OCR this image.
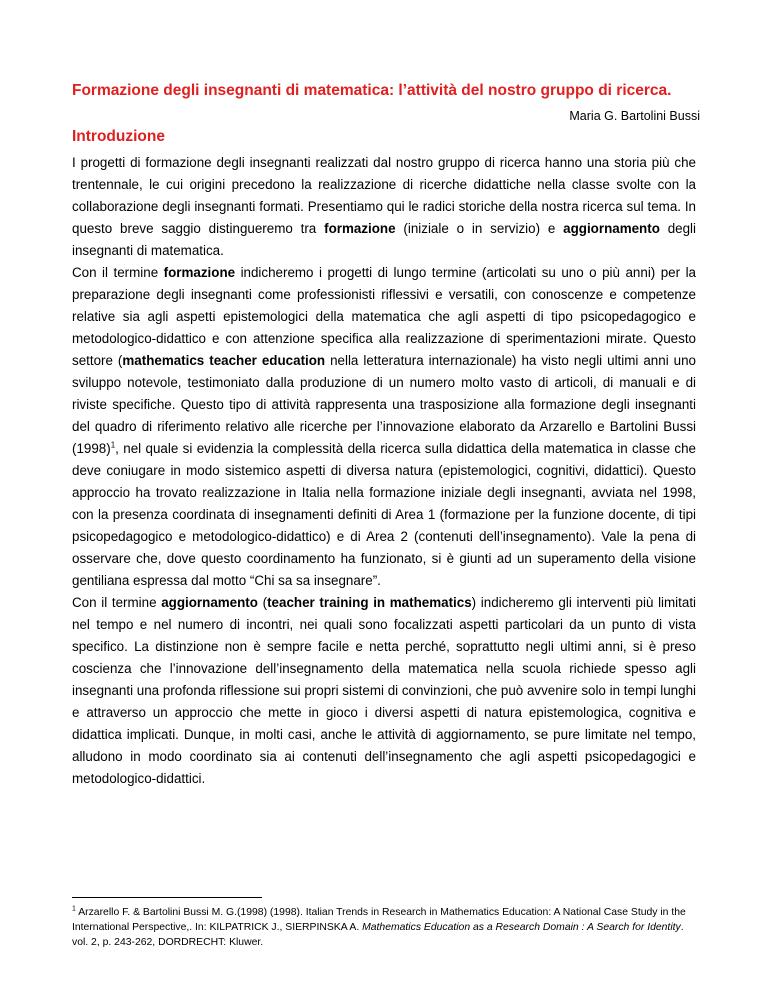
Formazione degli insegnanti di matematica: l’attività del nostro gruppo di ricerca.
Maria G. Bartolini Bussi
Introduzione

I progetti di formazione degli insegnanti realizzati dal nostro gruppo di ricerca hanno una storia più che trentennale, le cui origini precedono la realizzazione di ricerche didattiche nella classe svolte con la collaborazione degli insegnanti formati. Presentiamo qui le radici storiche della nostra ricerca sul tema. In questo breve saggio distingueremo tra formazione (iniziale o in servizio) e aggiornamento degli insegnanti di matematica.

Con il termine formazione indicheremo i progetti di lungo termine (articolati su uno o più anni) per la preparazione degli insegnanti come professionisti riflessivi e versatili, con conoscenze e competenze relative sia agli aspetti epistemologici della matematica che agli aspetti di tipo psicopedagogico e metodologico-didattico e con attenzione specifica alla realizzazione di sperimentazioni mirate. Questo settore (mathematics teacher education nella letteratura internazionale) ha visto negli ultimi anni uno sviluppo notevole, testimoniato dalla produzione di un numero molto vasto di articoli, di manuali e di riviste specifiche. Questo tipo di attività rappresenta una trasposizione alla formazione degli insegnanti del quadro di riferimento relativo alle ricerche per l’innovazione elaborato da Arzarello e Bartolini Bussi $(1998)^1$, nel quale si evidenzia la complessità della ricerca sulla didattica della matematica in classe che deve coniugare in modo sistemico aspetti di diversa natura (epistemologici, cognitivi, didattici). Questo approccio ha trovato realizzazione in Italia nella formazione iniziale degli insegnanti, avviata nel 1998, con la presenza coordinata di insegnamenti definiti di Area 1 (formazione per la funzione docente, di tipi psicopedagogico e metodologico-didattico) e di Area 2 (contenuti dell’insegnamento). Vale la pena di osservare che, dove questo coordinamento ha funzionato, si è giunti ad un superamento della visione gentiliana espressa dal motto “Chi sa sa insegnare”.

Con il termine aggiornamento (teacher training in mathematics) indicheremo gli interventi più limitati nel tempo e nel numero di incontri, nei quali sono focalizzati aspetti particolari da un punto di vista specifico. La distinzione non è sempre facile e netta perché, soprattutto negli ultimi anni, si è preso coscienza che l’innovazione dell’insegnamento della matematica nella scuola richiede spesso agli insegnanti una profonda riflessione sui propri sistemi di convinzioni, che può avvenire solo in tempi lunghi e attraverso un approccio che mette in gioco i diversi aspetti di natura epistemologica, cognitiva e didattica implicati. Dunque, in molti casi, anche le attività di aggiornamento, se pure limitate nel tempo, alludono in modo coordinato sia ai contenuti dell’insegnamento che agli aspetti psicopedagogici e metodologico-didattici.

$^1$ Arzarello F. & Bartolini Bussi M. G.(1998) (1998). Italian Trends in Research in Mathematics Education: A National Case Study in the International Perspective,. In: KILPATRICK J., SIERPINSKA A. Mathematics Education as a Research Domain : A Search for Identity. vol. 2, p. 243-262, DORDRECHT: Kluwer.
